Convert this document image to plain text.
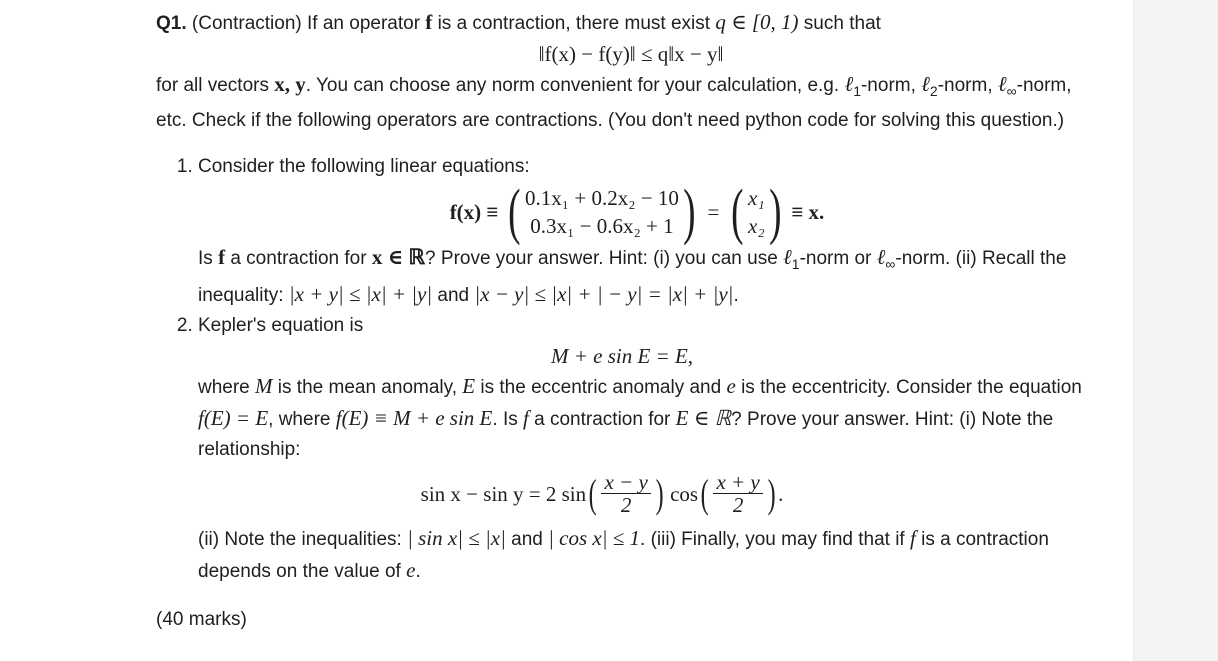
Q1. (Contraction) If an operator f is a contraction, there must exist q ∈ [0, 1) such that

‖f(x) − f(y)‖ ≤ q‖x − y‖

for all vectors x, y. You can choose any norm convenient for your calculation, e.g. ℓ$_1$-norm, ℓ$_2$-norm, ℓ$_\infty$-norm, etc. Check if the following operators are contractions. (You don't need python code for solving this question.)

1. Consider the following linear equations:
f(x) ≡ ( 0.1x₁ + 0.2x₂ − 10
0.3x₁ − 0.6x₂ + 1 ) = ( x₁
x₂ ) ≡ x.
Is f a contraction for x ∈ ℝ? Prove your answer. Hint: (i) you can use ℓ$_1$-norm or ℓ$_\infty$-norm. (ii) Recall the inequality: |x + y| ≤ |x| + |y| and |x − y| ≤ |x| + | − y| = |x| + |y|.
2. Kepler's equation is
M + e sin E = E,
where M is the mean anomaly, E is the eccentric anomaly and e is the eccentricity. Consider the equation f(E) = E, where f(E) ≡ M + e sin E. Is f a contraction for E ∈ ℝ? Prove your answer. Hint: (i) Note the relationship:
sin x − sin y = 2 sin ( $\frac{x - y}{2}$ ) cos ( $\frac{x + y}{2}$ ) .
(ii) Note the inequalities: | sin x| ≤ |x| and | cos x| ≤ 1. (iii) Finally, you may find that if f is a contraction depends on the value of e.

(40 marks)
